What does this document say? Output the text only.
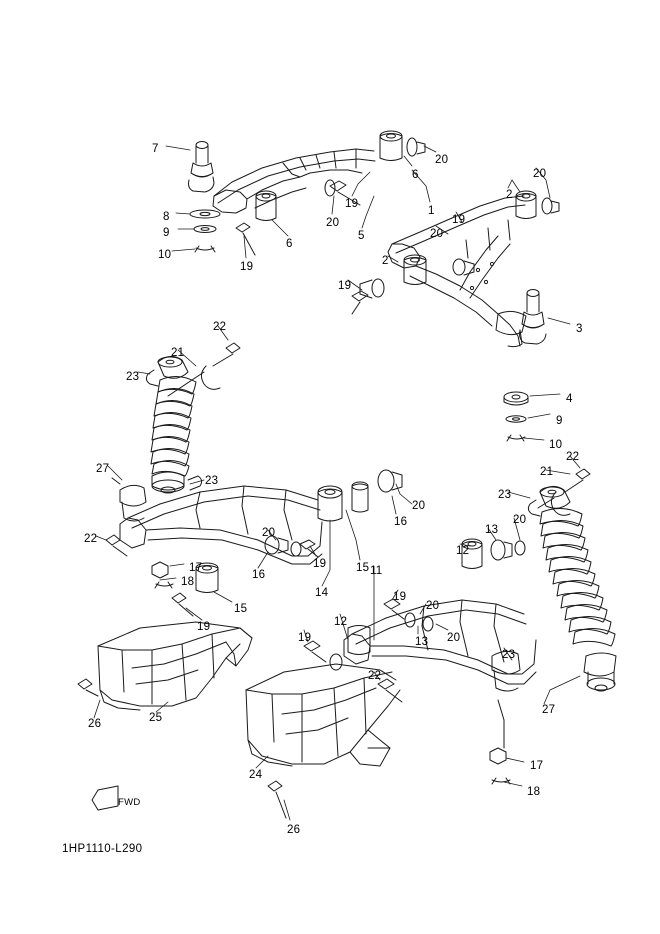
1HP1110-L290
FWD
7
8
9
10
19
6
20
19
6
20
5
1
2
19
20
20
2
19
3
4
9
10
22
21
23
27
23
22
17
18
15
19
20
16
19
14
15
16
20
11
12
19
12
13
20
19
20
13 20
23
21
22
23
27
17
18
22
26	25
24
26
